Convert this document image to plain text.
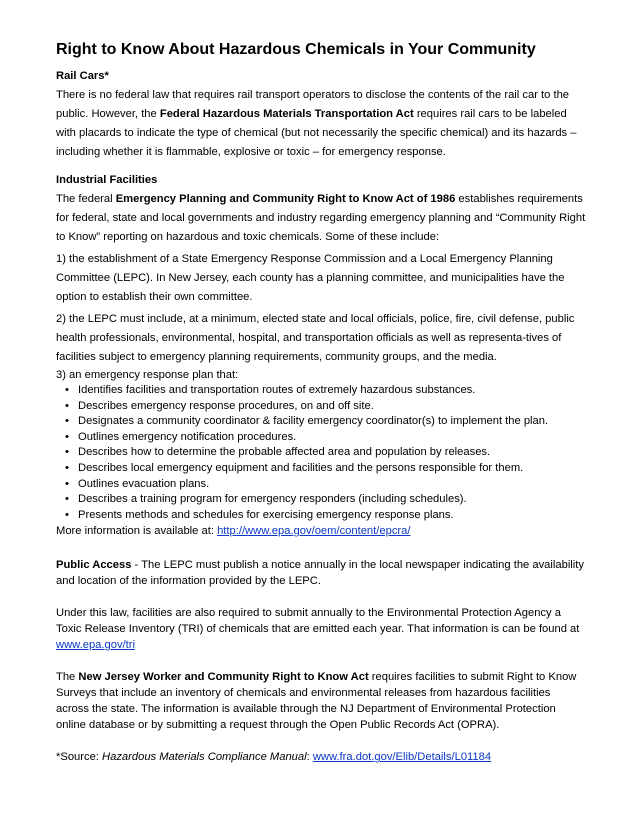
Right to Know About Hazardous Chemicals in Your Community
Rail Cars*

There is no federal law that requires rail transport operators to disclose the contents of the rail car to the public. However, the Federal Hazardous Materials Transportation Act requires rail cars to be labeled with placards to indicate the type of chemical (but not necessarily the specific chemical) and its hazards – including whether it is flammable, explosive or toxic – for emergency response.

Industrial Facilities

The federal Emergency Planning and Community Right to Know Act of 1986 establishes requirements for federal, state and local governments and industry regarding emergency planning and “Community Right to Know” reporting on hazardous and toxic chemicals. Some of these include:

1) the establishment of a State Emergency Response Commission and a Local Emergency Planning Committee (LEPC). In New Jersey, each county has a planning committee, and municipalities have the option to establish their own committee.

2) the LEPC must include, at a minimum, elected state and local officials, police, fire, civil defense, public health professionals, environmental, hospital, and transportation officials as well as representa-tives of facilities subject to emergency planning requirements, community groups, and the media.

3) an emergency response plan that:

• Identifies facilities and transportation routes of extremely hazardous substances.
• Describes emergency response procedures, on and off site.
• Designates a community coordinator & facility emergency coordinator(s) to implement the plan.
• Outlines emergency notification procedures.
• Describes how to determine the probable affected area and population by releases.
• Describes local emergency equipment and facilities and the persons responsible for them.
• Outlines evacuation plans.
• Describes a training program for emergency responders (including schedules).
• Presents methods and schedules for exercising emergency response plans.

More information is available at: http://www.epa.gov/oem/content/epcra/

Public Access - The LEPC must publish a notice annually in the local newspaper indicating the availability and location of the information provided by the LEPC.

Under this law, facilities are also required to submit annually to the Environmental Protection Agency a Toxic Release Inventory (TRI) of chemicals that are emitted each year. That information is can be found at www.epa.gov/tri

The New Jersey Worker and Community Right to Know Act requires facilities to submit Right to Know Surveys that include an inventory of chemicals and environmental releases from hazardous facilities across the state. The information is available through the NJ Department of Environmental Protection online database or by submitting a request through the Open Public Records Act (OPRA).

*Source: Hazardous Materials Compliance Manual: www.fra.dot.gov/Elib/Details/L01184
